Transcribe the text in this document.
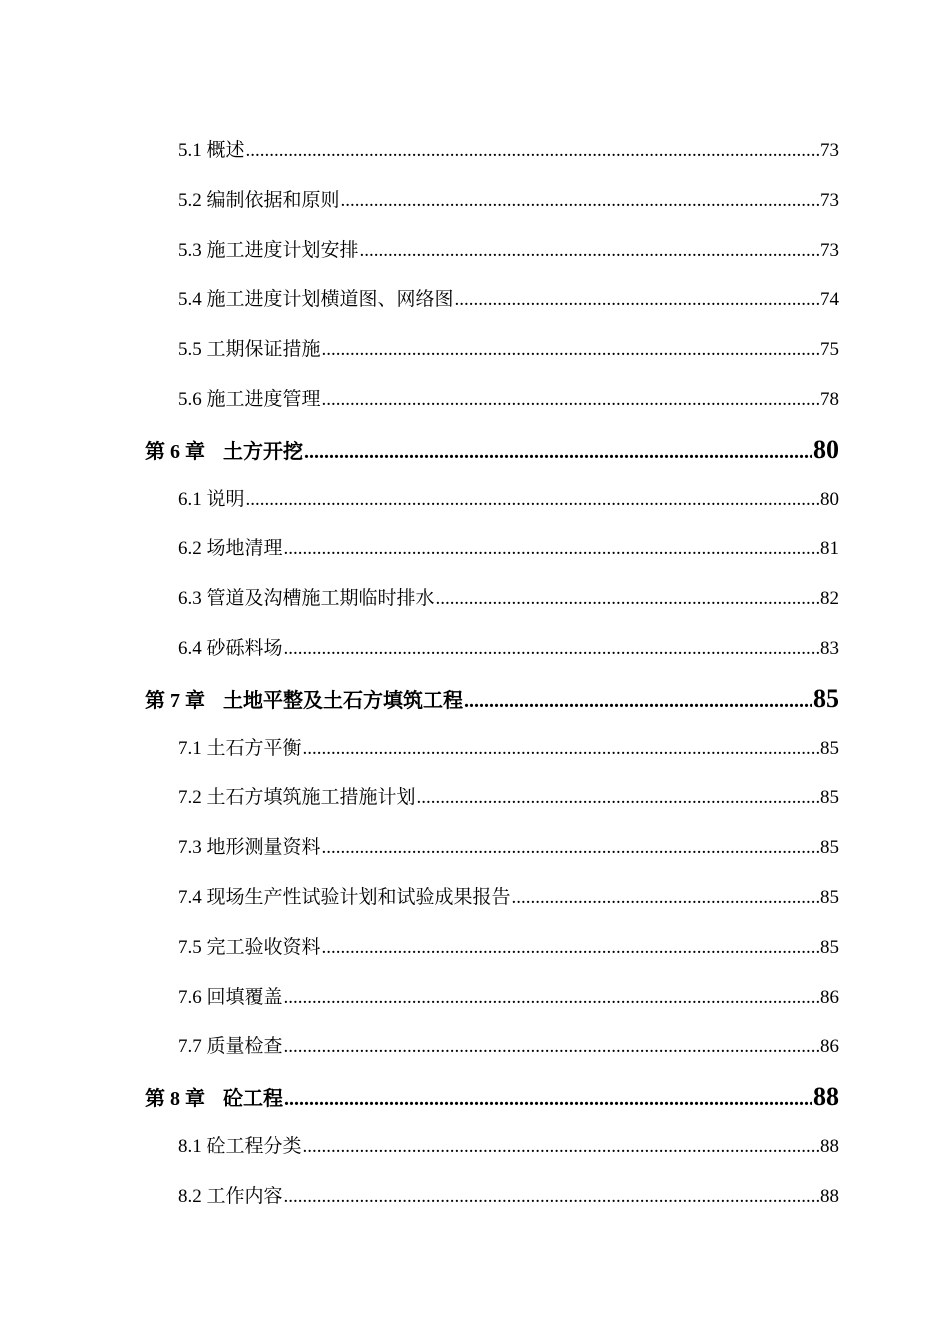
5.1 概述 .....	73
5.2 编制依据和原则 .....	73
5.3 施工进度计划安排 .....	73
5.4 施工进度计划横道图、网络图 .....	74
5.5 工期保证措施 .....	75
5.6 施工进度管理 .....	78
第 6 章 土方开挖 .....	80
6.1 说明 .....	80
6.2 场地清理 .....	81
6.3 管道及沟槽施工期临时排水 .....	82
6.4 砂砾料场 .....	83
第 7 章 土地平整及土石方填筑工程 .....	85
7.1 土石方平衡 .....	85
7.2 土石方填筑施工措施计划 .....	85
7.3 地形测量资料 .....	85
7.4 现场生产性试验计划和试验成果报告 .....	85
7.5 完工验收资料 .....	85
7.6 回填覆盖 .....	86
7.7 质量检查 .....	86
第 8 章 砼工程 .....	88
8.1 砼工程分类 .....	88
8.2 工作内容 .....	88
